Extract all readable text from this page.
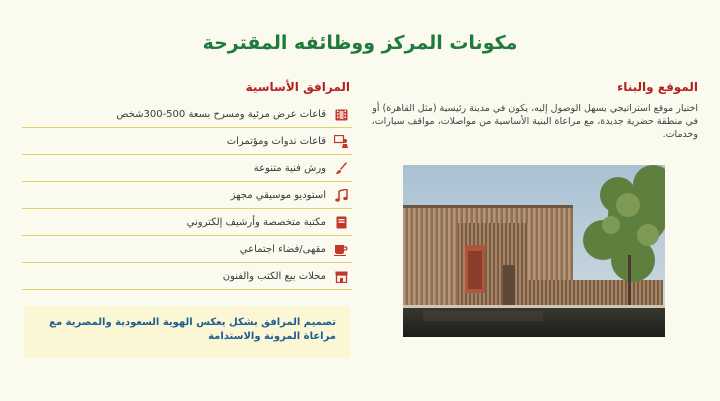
مكونات المركز ووظائفه المقترحة
المرافق الأساسية	الموقع والبناء
قاعات عرض مرئية ومسرح بسعة 500-300شخص
قاعات ندوات ومؤتمرات
ورش فنية متنوعة
استوديو موسيقي مجهز
مكتبة متخصصة وأرشيف إلكتروني
مقهى/فضاء اجتماعي
محلات بيع الكتب والفنون
تصميم المرافق بشكل يعكس الهوية السعودية والمصرية مع مراعاة المرونة والاستدامة
اختيار موقع استراتيجي يسهل الوصول إليه، يكون في مدينة رئيسية (مثل القاهرة) أو في منطقة حضرية جديدة، مع مراعاة البنية الأساسية من مواصلات، مواقف سيارات، وخدمات.
